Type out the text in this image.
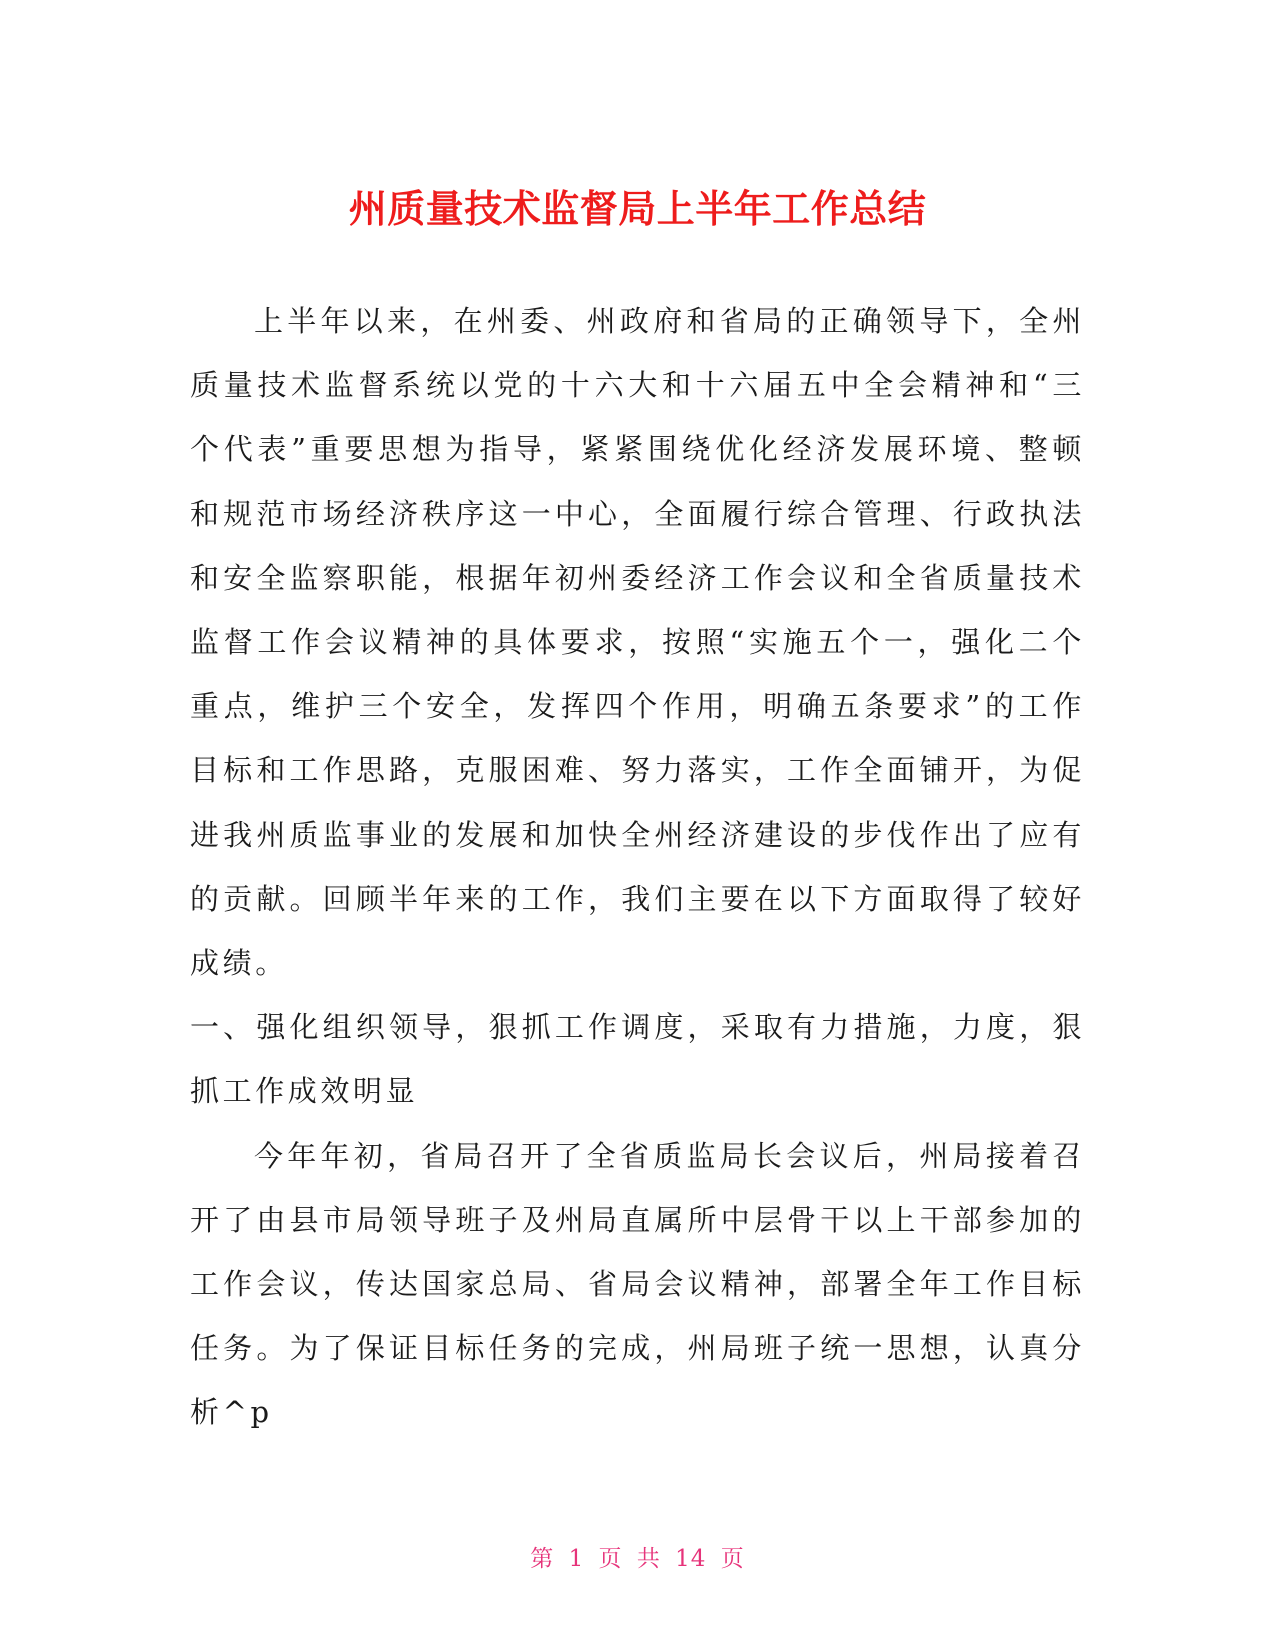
州质量技术监督局上半年工作总结

上半年以来，在州委、州政府和省局的正确领导下，全州质量技术监督系统以党的十六大和十六届五中全会精神和“三个代表”重要思想为指导，紧紧围绕优化经济发展环境、整顿和规范市场经济秩序这一中心，全面履行综合管理、行政执法和安全监察职能，根据年初州委经济工作会议和全省质量技术监督工作会议精神的具体要求，按照“实施五个一，强化二个重点，维护三个安全，发挥四个作用，明确五条要求”的工作目标和工作思路，克服困难、努力落实，工作全面铺开，为促进我州质监事业的发展和加快全州经济建设的步伐作出了应有的贡献。回顾半年来的工作，我们主要在以下方面取得了较好成绩。

一、强化组织领导，狠抓工作调度，采取有力措施，力度，狠抓工作成效明显

今年年初，省局召开了全省质监局长会议后，州局接着召开了由县市局领导班子及州局直属所中层骨干以上干部参加的工作会议，传达国家总局、省局会议精神，部署全年工作目标任务。为了保证目标任务的完成，州局班子统一思想，认真分析^p

第 1 页 共 14 页
